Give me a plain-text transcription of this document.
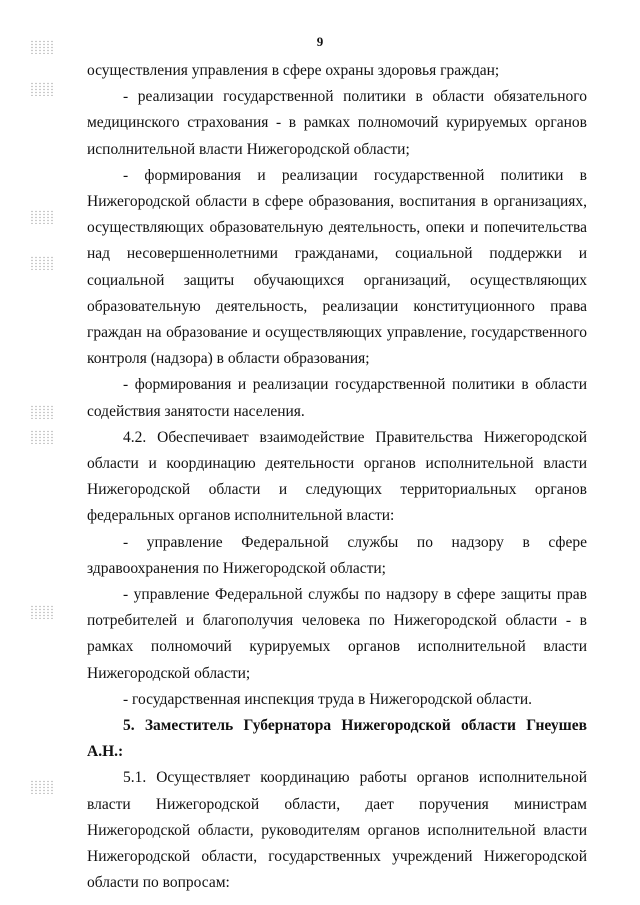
9

осуществления управления в сфере охраны здоровья граждан;

- реализации государственной политики в области обязательного медицинского страхования - в рамках полномочий курируемых органов исполнительной власти Нижегородской области;

- формирования и реализации государственной политики в Нижегородской области в сфере образования, воспитания в организациях, осуществляющих образовательную деятельность, опеки и попечительства над несовершеннолетними гражданами, социальной поддержки и социальной защиты обучающихся организаций, осуществляющих образовательную деятельность, реализации конституционного права граждан на образование и осуществляющих управление, государственного контроля (надзора) в области образования;

- формирования и реализации государственной политики в области содействия занятости населения.

4.2. Обеспечивает взаимодействие Правительства Нижегородской области и координацию деятельности органов исполнительной власти Нижегородской области и следующих территориальных органов федеральных органов исполнительной власти:

- управление Федеральной службы по надзору в сфере здравоохранения по Нижегородской области;

- управление Федеральной службы по надзору в сфере защиты прав потребителей и благополучия человека по Нижегородской области - в рамках полномочий курируемых органов исполнительной власти Нижегородской области;

- государственная инспекция труда в Нижегородской области.

5. Заместитель Губернатора Нижегородской области Гнеушев А.Н.:

5.1. Осуществляет координацию работы органов исполнительной власти Нижегородской области, дает поручения министрам Нижегородской области, руководителям органов исполнительной власти Нижегородской области, государственных учреждений Нижегородской области по вопросам:
